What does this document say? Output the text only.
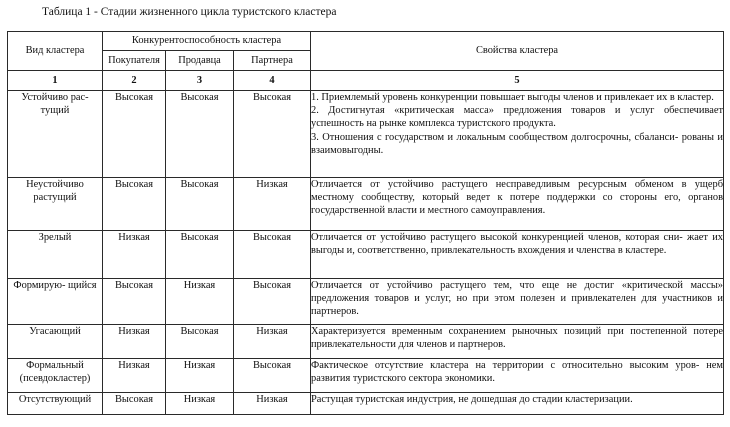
Таблица 1 - Стадии жизненного цикла туристского кластера
Вид кластера	Конкурентоспособность кластера			Свойства кластера
	Покупателя	Продавца	Партнера	
1	2	3	4	5
Устойчиво рас- тущий	Высокая	Высокая	Высокая	1. Приемлемый уровень конкуренции повышает выгоды членов и привлекает их в кластер.
2. Достигнутая «критическая масса» предложения товаров и услуг обеспечивает успешность на рынке комплекса туристского продукта.
3. Отношения с государством и локальным сообществом долгосрочны, сбаланси- рованы и взаимовыгодны.

Неустойчиво растущий	Высокая	Высокая	Низкая	Отличается от устойчиво растущего несправедливым ресурсным обменом в ущерб местному сообществу, который ведет к потере поддержки со стороны его, органов государственной власти и местного самоуправления.

Зрелый	Низкая	Высокая	Высокая	Отличается от устойчиво растущего высокой конкуренцией членов, которая сни- жает их выгоды и, соответственно, привлекательность вхождения и членства в кластере.

Формирую- щийся	Высокая	Низкая	Высокая	Отличается от устойчиво растущего тем, что еще не достиг «критической массы» предложения товаров и услуг, но при этом полезен и привлекателен для участников и партнеров.

Угасающий	Низкая	Высокая	Низкая	Характеризуется временным сохранением рыночных позиций при постепенной потере привлекательности для членов и партнеров.

Формальный (псевдокластер)	Низкая	Низкая	Высокая	Фактическое отсутствие кластера на территории с относительно высоким уров- нем развития туристского сектора экономики.

Отсутствующий	Высокая	Низкая	Низкая	Растущая туристская индустрия, не дошедшая до стадии кластеризации.
